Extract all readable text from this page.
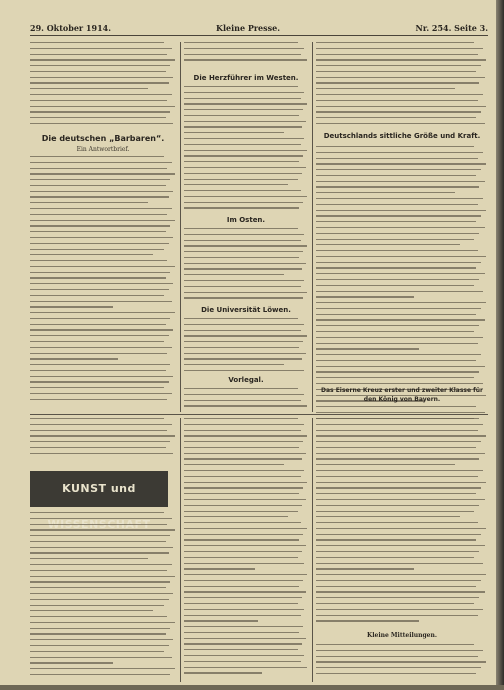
29. Oktober 1914.	Kleine Presse.	Nr. 254. Seite 3.
Die deutschen „Barbaren“.
Ein Antwortbrief.
Die Herzführer im Westen.
Im Osten.
Die Universität Löwen.
Vorlegal.
Deutschlands sittliche Größe und Kraft.
Das Eiserne Kreuz erster und zweiter Klasse für den König von Bayern.
KUNST und
Kleine Mitteilungen.
